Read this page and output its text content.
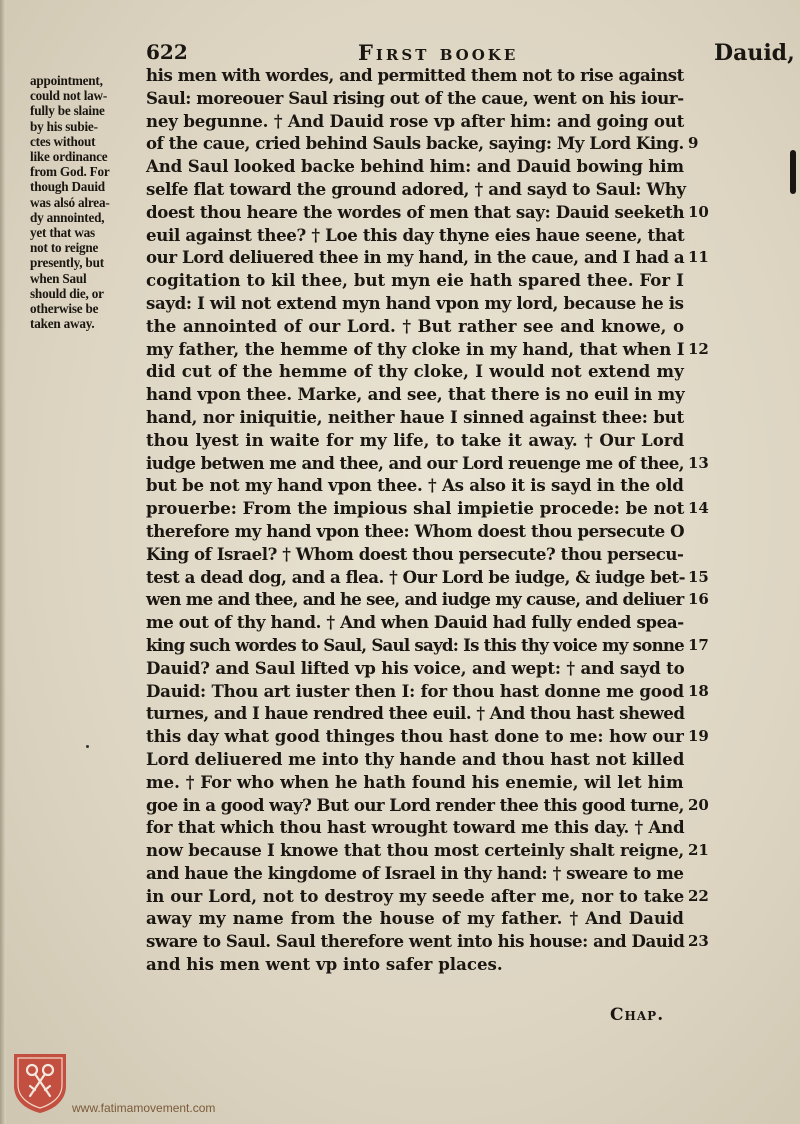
622	First booke	Dauid,
appointment,
could not law-
fully be slaine
by his subie-
ctes without
like ordinance
from God. For
though Dauid
was alsó alrea-
dy annointed,
yet that was
not to reigne
presently, but
when Saul
should die, or
otherwise be
taken away.
his men with wordes, and permitted them not to rise against
Saul: moreouer Saul rising out of the caue, went on his iour-
ney begunne. † And Dauid rose vp after him: and going out
of the caue, cried behind Sauls backe, saying: My Lord King.
And Saul looked backe behind him: and Dauid bowing him
selfe flat toward the ground adored, † and sayd to Saul: Why
doest thou heare the wordes of men that say: Dauid seeketh
euil against thee? † Loe this day thyne eies haue seene, that
our Lord deliuered thee in my hand, in the caue, and I had a
cogitation to kil thee, but myn eie hath spared thee. For I
sayd: I wil not extend myn hand vpon my lord, because he is
the annointed of our Lord. † But rather see and knowe, o
my father, the hemme of thy cloke in my hand, that when I
did cut of the hemme of thy cloke, I would not extend my
hand vpon thee. Marke, and see, that there is no euil in my
hand, nor iniquitie, neither haue I sinned against thee: but
thou lyest in waite for my life, to take it away. † Our Lord
iudge betwen me and thee, and our Lord reuenge me of thee,
but be not my hand vpon thee. † As also it is sayd in the old
prouerbe: From the impious shal impietie procede: be not
therefore my hand vpon thee: Whom doest thou persecute O
King of Israel? † Whom doest thou persecute? thou persecu-
test a dead dog, and a flea. † Our Lord be iudge, & iudge bet-
wen me and thee, and he see, and iudge my cause, and deliuer
me out of thy hand. † And when Dauid had fully ended spea-
king such wordes to Saul, Saul sayd: Is this thy voice my sonne
Dauid? and Saul lifted vp his voice, and wept: † and sayd to
Dauid: Thou art iuster then I: for thou hast donne me good
turnes, and I haue rendred thee euil. † And thou hast shewed
this day what good thinges thou hast done to me: how our
Lord deliuered me into thy hande and thou hast not killed
me. † For who when he hath found his enemie, wil let him
goe in a good way? But our Lord render thee this good turne,
for that which thou hast wrought toward me this day. † And
now because I knowe that thou most certeinly shalt reigne,
and haue the kingdome of Israel in thy hand: † sweare to me
in our Lord, not to destroy my seede after me, nor to take
away my name from the house of my father. † And Dauid
sware to Saul. Saul therefore went into his house: and Dauid
and his men went vp into safer places.
9
10
11
12
13
14
15
16
17
18
19
20
21
22
23
Chap.
www.fatimamovement.com
